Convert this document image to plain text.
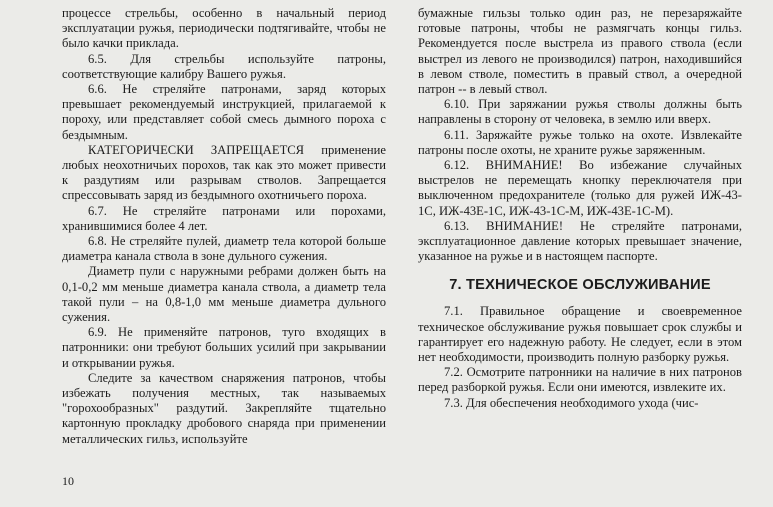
процессе стрельбы, особенно в начальный период эксплуатации ружья, периодически подтягивайте, чтобы не было качки приклада.

6.5. Для стрельбы используйте патроны, соответствующие калибру Вашего ружья.

6.6. Не стреляйте патронами, заряд которых превышает рекомендуемый инструкцией, прилагаемой к пороху, или представляет собой смесь дымного пороха с бездымным.

КАТЕГОРИЧЕСКИ ЗАПРЕЩАЕТСЯ применение любых неохотничьих порохов, так как это может привести к раздутиям или разрывам стволов. Запрещается спрессовывать заряд из бездымного охотничьего пороха.

6.7. Не стреляйте патронами или порохами, хранившимися более 4 лет.

6.8. Не стреляйте пулей, диаметр тела которой больше диаметра канала ствола в зоне дульного сужения.

Диаметр пули с наружными ребрами должен быть на 0,1-0,2 мм меньше диаметра канала ствола, а диаметр тела такой пули – на 0,8-1,0 мм меньше диаметра дульного сужения.

6.9. Не применяйте патронов, туго входящих в патронники: они требуют больших усилий при закрывании и открывании ружья.

Следите за качеством снаряжения патронов, чтобы избежать получения местных, так называемых "горохообразных" раздутий. Закрепляйте тщательно картонную прокладку дробового снаряда при применении металлических гильз, используйте

бумажные гильзы только один раз, не перезаряжайте готовые патроны, чтобы не размягчать концы гильз. Рекомендуется после выстрела из правого ствола (если выстрел из левого не производился) патрон, находившийся в левом стволе, поместить в правый ствол, а очередной патрон -- в левый ствол.

6.10. При заряжании ружья стволы должны быть направлены в сторону от человека, в землю или вверх.

6.11. Заряжайте ружье только на охоте. Извлекайте патроны после охоты, не храните ружье заряженным.

6.12. ВНИМАНИЕ! Во избежание случайных выстрелов не перемещать кнопку переключателя при выключенном предохранителе (только для ружей ИЖ-43-1С, ИЖ-43Е-1С, ИЖ-43-1С-М, ИЖ-43Е-1С-М).

6.13. ВНИМАНИЕ! Не стреляйте патронами, эксплуатационное давление которых превышает значение, указанное на ружье и в настоящем паспорте.

7. ТЕХНИЧЕСКОЕ ОБСЛУЖИВАНИЕ

7.1. Правильное обращение и своевременное техническое обслуживание ружья повышает срок службы и гарантирует его надежную работу. Не следует, если в этом нет необходимости, производить полную разборку ружья.

7.2. Осмотрите патронники на наличие в них патронов перед разборкой ружья. Если они имеются, извлеките их.

7.3. Для обеспечения необходимого ухода (чис-

10
